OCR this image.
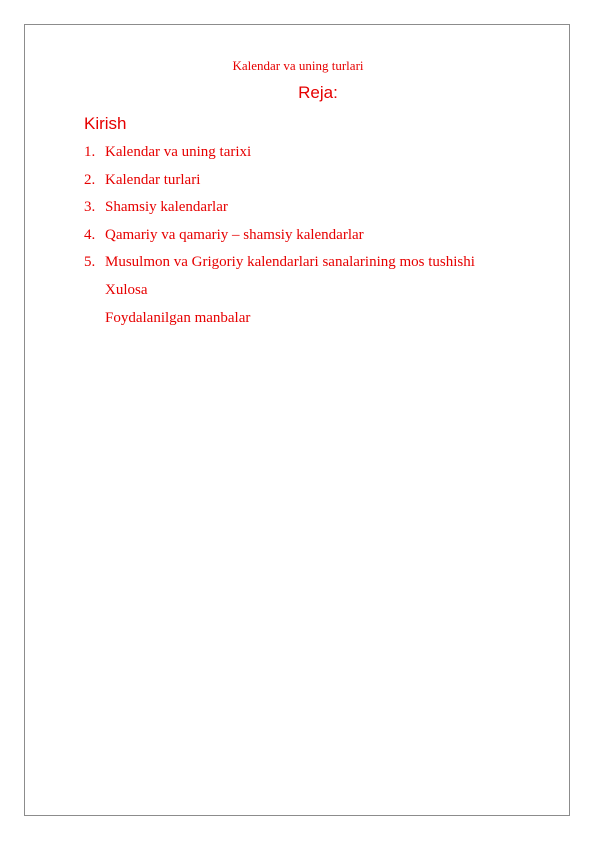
Kalendar va uning turlari
Reja:
Kirish
1. Kalendar va uning tarixi
2. Kalendar turlari
3. Shamsiy kalendarlar
4. Qamariy va qamariy – shamsiy kalendarlar
5. Musulmon va Grigoriy kalendarlari sanalarining mos tushishi
Xulosa
Foydalanilgan manbalar
